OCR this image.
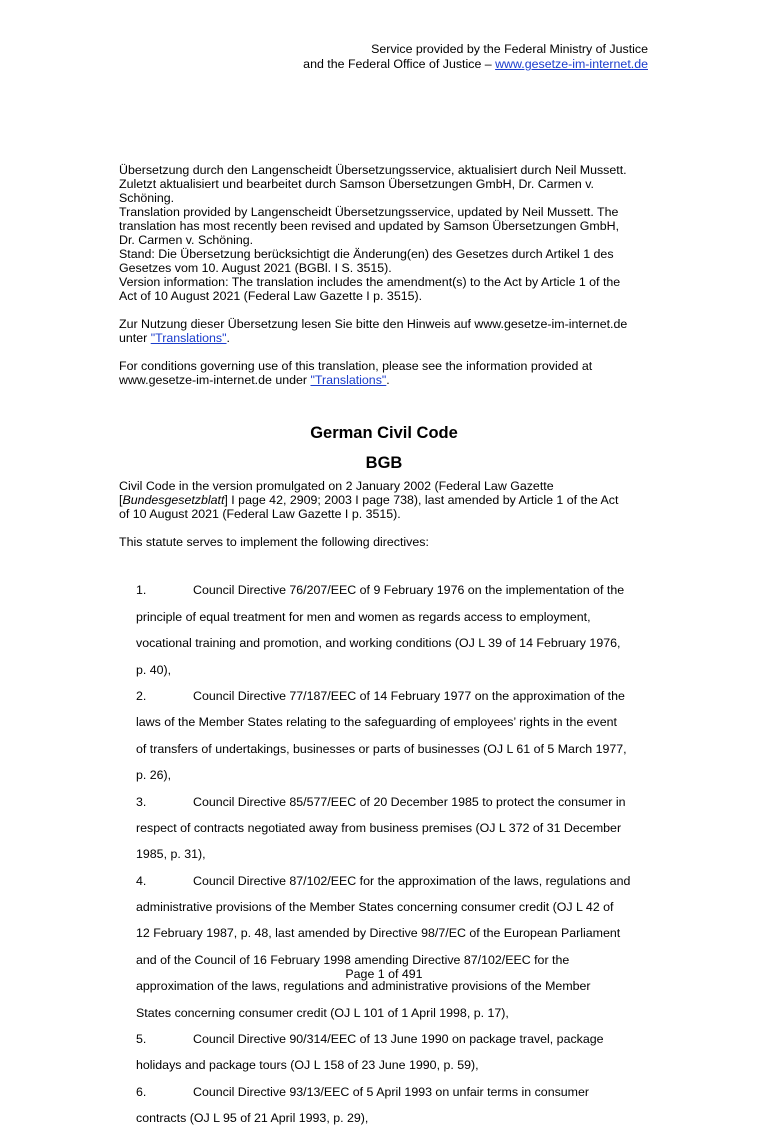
Service provided by the Federal Ministry of Justice
and the Federal Office of Justice – www.gesetze-im-internet.de

Übersetzung durch den Langenscheidt Übersetzungsservice, aktualisiert durch Neil Mussett.

Zuletzt aktualisiert und bearbeitet durch Samson Übersetzungen GmbH, Dr. Carmen v.

Schöning.

Translation provided by Langenscheidt Übersetzungsservice, updated by Neil Mussett. The

translation has most recently been revised and updated by Samson Übersetzungen GmbH,

Dr. Carmen v. Schöning.

Stand: Die Übersetzung berücksichtigt die Änderung(en) des Gesetzes durch Artikel 1 des

Gesetzes vom 10. August 2021 (BGBl. I S. 3515).

Version information: The translation includes the amendment(s) to the Act by Article 1 of the

Act of 10 August 2021 (Federal Law Gazette I p. 3515).

Zur Nutzung dieser Übersetzung lesen Sie bitte den Hinweis auf www.gesetze-im-internet.de

unter "Translations".

For conditions governing use of this translation, please see the information provided at

www.gesetze-im-internet.de under "Translations".

German Civil Code
BGB

Civil Code in the version promulgated on 2 January 2002 (Federal Law Gazette

[Bundesgesetzblatt] I page 42, 2909; 2003 I page 738), last amended by Article 1 of the Act

of 10 August 2021 (Federal Law Gazette I p. 3515).

This statute serves to implement the following directives:

1.	Council Directive 76/207/EEC of 9 February 1976 on the implementation of the

principle of equal treatment for men and women as regards access to employment,

vocational training and promotion, and working conditions (OJ L 39 of 14 February 1976,

p. 40),

2.	Council Directive 77/187/EEC of 14 February 1977 on the approximation of the

laws of the Member States relating to the safeguarding of employees’ rights in the event

of transfers of undertakings, businesses or parts of businesses (OJ L 61 of 5 March 1977,

p. 26),

3.	Council Directive 85/577/EEC of 20 December 1985 to protect the consumer in

respect of contracts negotiated away from business premises (OJ L 372 of 31 December

1985, p. 31),

4.	Council Directive 87/102/EEC for the approximation of the laws, regulations and

administrative provisions of the Member States concerning consumer credit (OJ L 42 of

12 February 1987, p. 48, last amended by Directive 98/7/EC of the European Parliament

and of the Council of 16 February 1998 amending Directive 87/102/EEC for the

approximation of the laws, regulations and administrative provisions of the Member

States concerning consumer credit (OJ L 101 of 1 April 1998, p. 17),

5.	Council Directive 90/314/EEC of 13 June 1990 on package travel, package

holidays and package tours (OJ L 158 of 23 June 1990, p. 59),

6.	Council Directive 93/13/EEC of 5 April 1993 on unfair terms in consumer

contracts (OJ L 95 of 21 April 1993, p. 29),

Page 1 of 491
